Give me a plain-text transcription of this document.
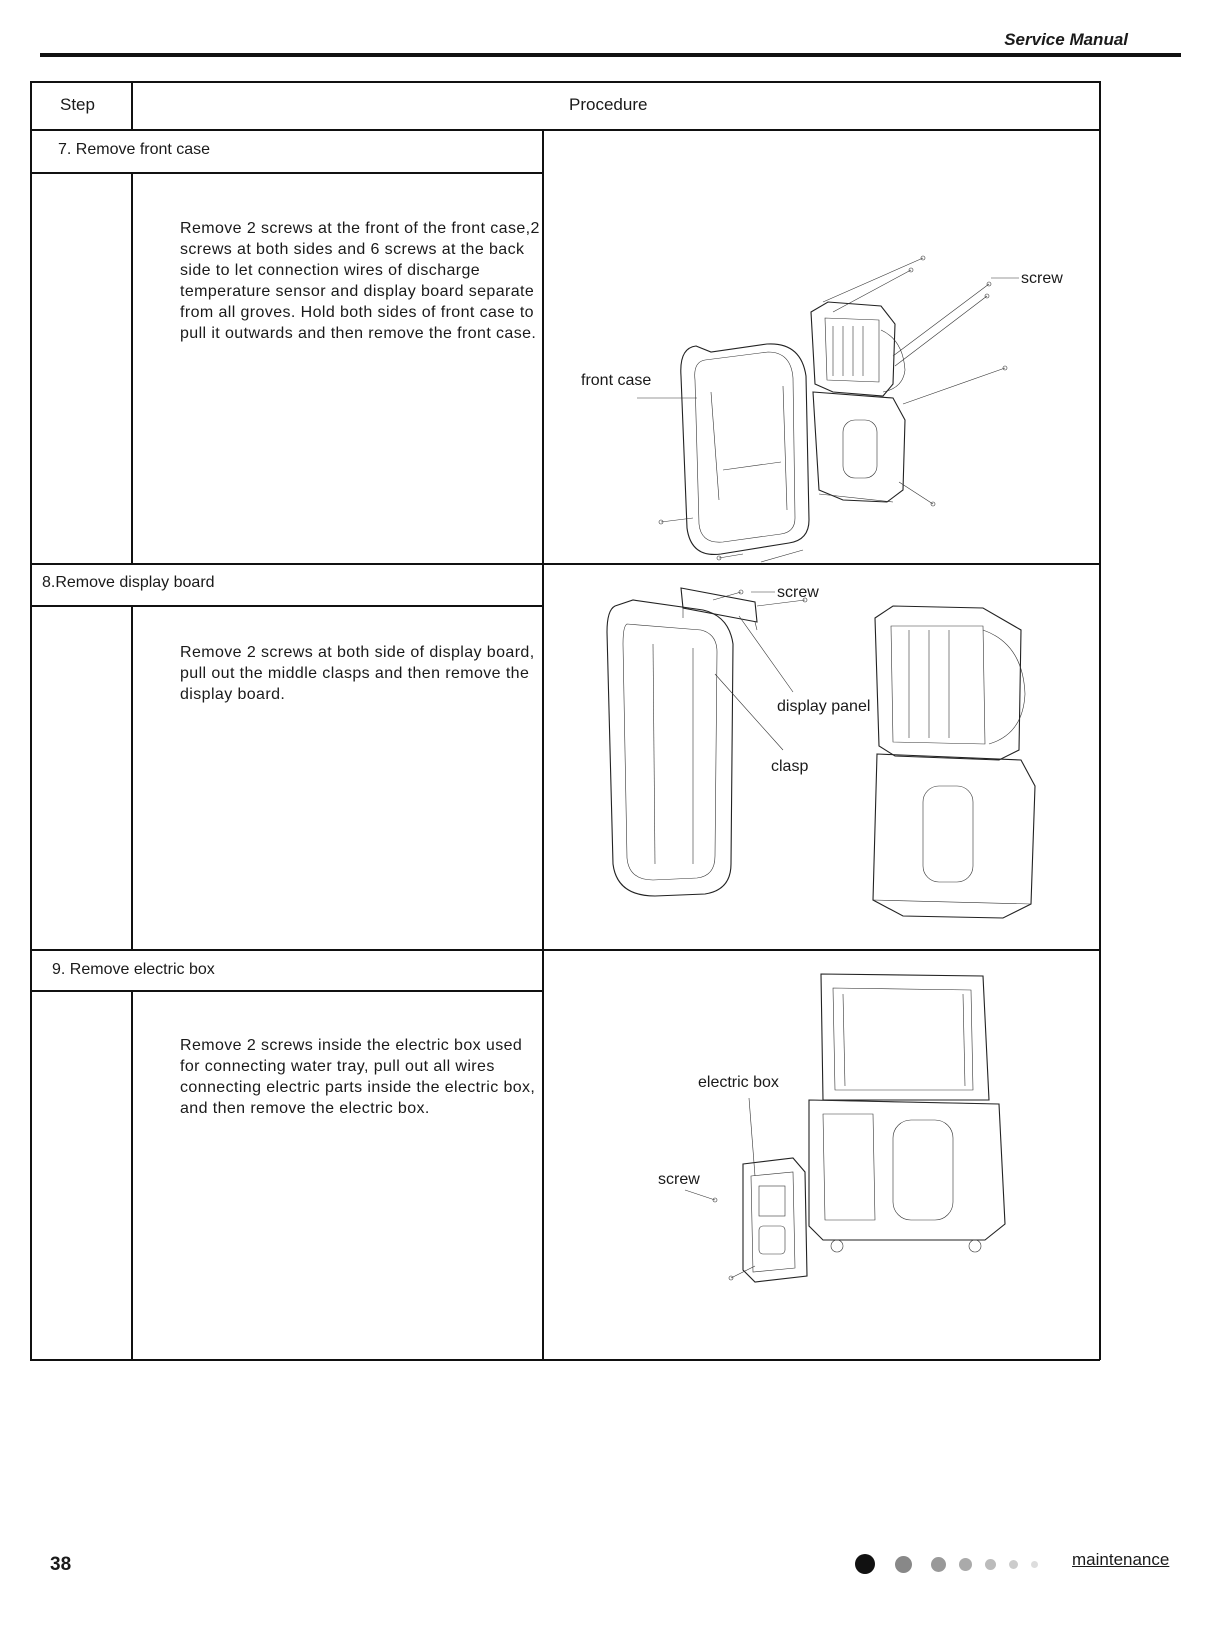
Service Manual
Step	Procedure
7. Remove front case
Remove 2 screws at the front of the front case,2 screws at both sides and 6 screws at the back side to let connection wires of discharge temperature sensor and display board separate from all groves. Hold both sides of front case to pull it outwards and then remove the front case.
8.Remove display board
Remove 2 screws at both side of display board, pull out the middle clasps and then remove the display board.
9. Remove electric box
Remove 2 screws inside the electric box used for connecting water tray, pull out all wires connecting electric parts inside the electric box, and then remove the electric box.
screw
front case
screw
display panel
clasp
electric box
screw
38	maintenance
